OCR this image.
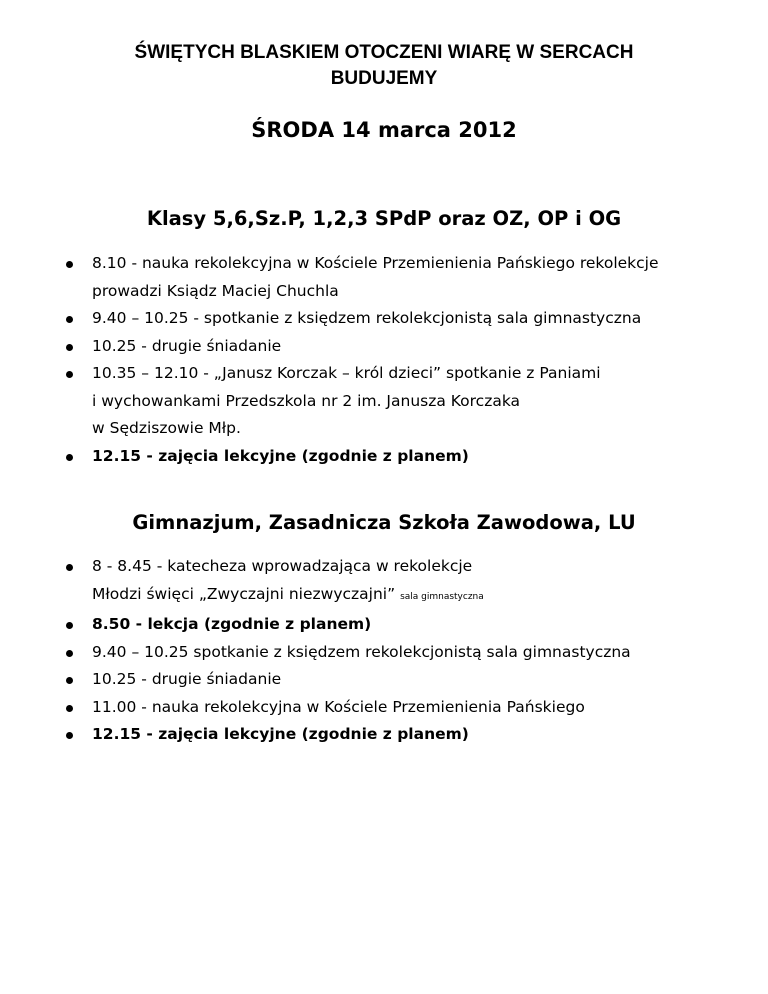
ŚWIĘTYCH BLASKIEM OTOCZENI WIARĘ W SERCACH
BUDUJEMY
ŚRODA 14 marca 2012
Klasy 5,6,Sz.P, 1,2,3 SPdP oraz OZ, OP i OG
8.10 - nauka rekolekcyjna w Kościele Przemienienia Pańskiego rekolekcje
prowadzi Ksiądz Maciej Chuchla
9.40 – 10.25 - spotkanie z księdzem rekolekcjonistą sala gimnastyczna
10.25 - drugie śniadanie
10.35 – 12.10 - „Janusz Korczak – król dzieci” spotkanie z Paniami
i wychowankami Przedszkola nr 2 im. Janusza Korczaka
w Sędziszowie Młp.
12.15 - zajęcia lekcyjne (zgodnie z planem)
Gimnazjum, Zasadnicza Szkoła Zawodowa, LU
8 - 8.45 - katecheza wprowadzająca w rekolekcje
Młodzi święci „Zwyczajni niezwyczajni” sala gimnastyczna
8.50 - lekcja (zgodnie z planem)
9.40 – 10.25 spotkanie z księdzem rekolekcjonistą sala gimnastyczna
10.25 - drugie śniadanie
11.00 - nauka rekolekcyjna w Kościele Przemienienia Pańskiego
12.15 - zajęcia lekcyjne (zgodnie z planem)
